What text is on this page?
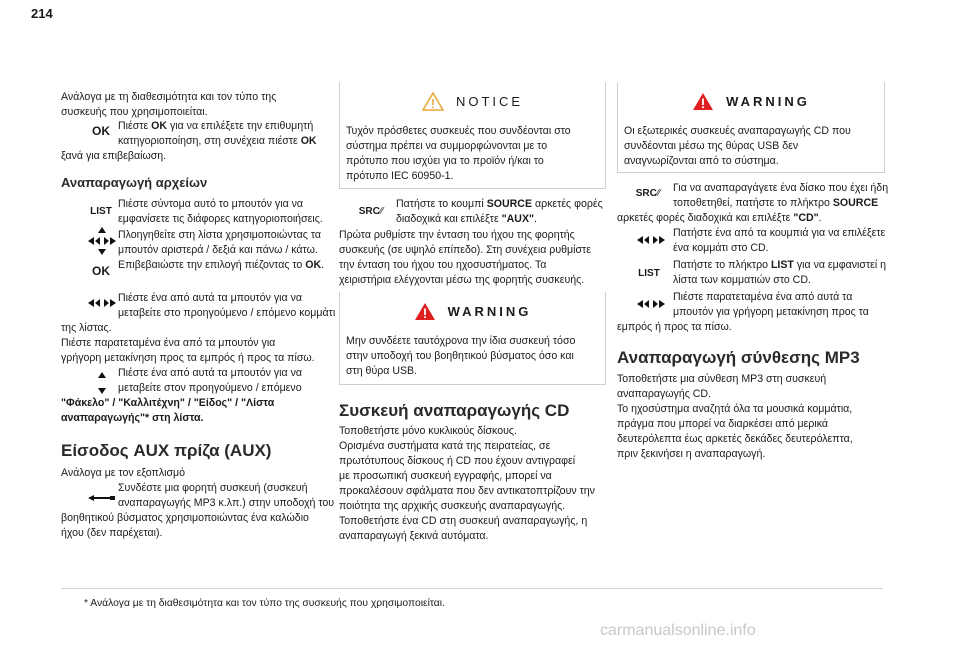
214
Ανάλογα με τη διαθεσιμότητα και τον τύπο της
συσκευής που χρησιμοποιείται.
OK Πιέστε OK για να επιλέξετε την επιθυμητή
κατηγοριοποίηση, στη συνέχεια πιέστε OK
ξανά για επιβεβαίωση.
Αναπαραγωγή αρχείων
LIST
Πιέστε σύντομα αυτό το μπουτόν για να
εμφανίσετε τις διάφορες κατηγοριοποιήσεις.
Πλοηγηθείτε στη λίστα χρησιμοποιώντας τα
μπουτόν αριστερά / δεξιά και πάνω / κάτω.
OK Επιβεβαιώστε την επιλογή πιέζοντας το OK.
Πιέστε ένα από αυτά τα μπουτόν για να
μεταβείτε στο προηγούμενο / επόμενο κομμάτι
της λίστας.
Πιέστε παρατεταμένα ένα από τα μπουτόν για
γρήγορη μετακίνηση προς τα εμπρός ή προς τα πίσω.
Πιέστε ένα από αυτά τα μπουτόν για να
μεταβείτε στον προηγούμενο / επόμενο
"Φάκελο" / "Καλλιτέχνη" / "Είδος" / "Λίστα
αναπαραγωγής"* στη λίστα.
Είσοδος AUX πρίζα (AUX)
Ανάλογα με τον εξοπλισμό
Συνδέστε μια φορητή συσκευή (συσκευή
αναπαραγωγής MP3 κ.λπ.) στην υποδοχή του
βοηθητικού βύσματος χρησιμοποιώντας ένα καλώδιο
ήχου (δεν παρέχεται).
NOTICE
Τυχόν πρόσθετες συσκευές που συνδέονται στο
σύστημα πρέπει να συμμορφώνονται με το
πρότυπο που ισχύει για το προϊόν ή/και το
πρότυπο IEC 60950-1.
SRC ∕∕
Πατήστε το κουμπί SOURCE αρκετές φορές
διαδοχικά και επιλέξτε "AUX".
Πρώτα ρυθμίστε την ένταση του ήχου της φορητής
συσκευής (σε υψηλό επίπεδο). Στη συνέχεια ρυθμίστε
την ένταση του ήχου του ηχοσυστήματος. Τα
χειριστήρια ελέγχονται μέσω της φορητής συσκευής.
WARNING
Μην συνδέετε ταυτόχρονα την ίδια συσκευή τόσο
στην υποδοχή του βοηθητικού βύσματος όσο και
στη θύρα USB.
Συσκευή αναπαραγωγής CD
Τοποθετήστε μόνο κυκλικούς δίσκους.
Ορισμένα συστήματα κατά της πειρατείας, σε
πρωτότυπους δίσκους ή CD που έχουν αντιγραφεί
με προσωπική συσκευή εγγραφής, μπορεί να
προκαλέσουν σφάλματα που δεν αντικατοπτρίζουν την
ποιότητα της αρχικής συσκευής αναπαραγωγής.
Τοποθετήστε ένα CD στη συσκευή αναπαραγωγής, η
αναπαραγωγή ξεκινά αυτόματα.
WARNING
Οι εξωτερικές συσκευές αναπαραγωγής CD που
συνδέονται μέσω της θύρας USB δεν
αναγνωρίζονται από το σύστημα.
SRC ∕∕ Για να αναπαραγάγετε ένα δίσκο που έχει ήδη
τοποθετηθεί, πατήστε το πλήκτρο SOURCE
αρκετές φορές διαδοχικά και επιλέξτε "CD".
Πατήστε ένα από τα κουμπιά για να επιλέξετε
ένα κομμάτι στο CD.
LIST
Πατήστε το πλήκτρο LIST για να εμφανιστεί η
λίστα των κομματιών στο CD.
Πιέστε παρατεταμένα ένα από αυτά τα
μπουτόν για γρήγορη μετακίνηση προς τα
εμπρός ή προς τα πίσω.
Αναπαραγωγή σύνθεσης MP3
Τοποθετήστε μια σύνθεση MP3 στη συσκευή
αναπαραγωγής CD.
Το ηχοσύστημα αναζητά όλα τα μουσικά κομμάτια,
πράγμα που μπορεί να διαρκέσει από μερικά
δευτερόλεπτα έως αρκετές δεκάδες δευτερόλεπτα,
πριν ξεκινήσει η αναπαραγωγή.
* Ανάλογα με τη διαθεσιμότητα και τον τύπο της συσκευής που χρησιμοποιείται.
carmanualsonline.info
